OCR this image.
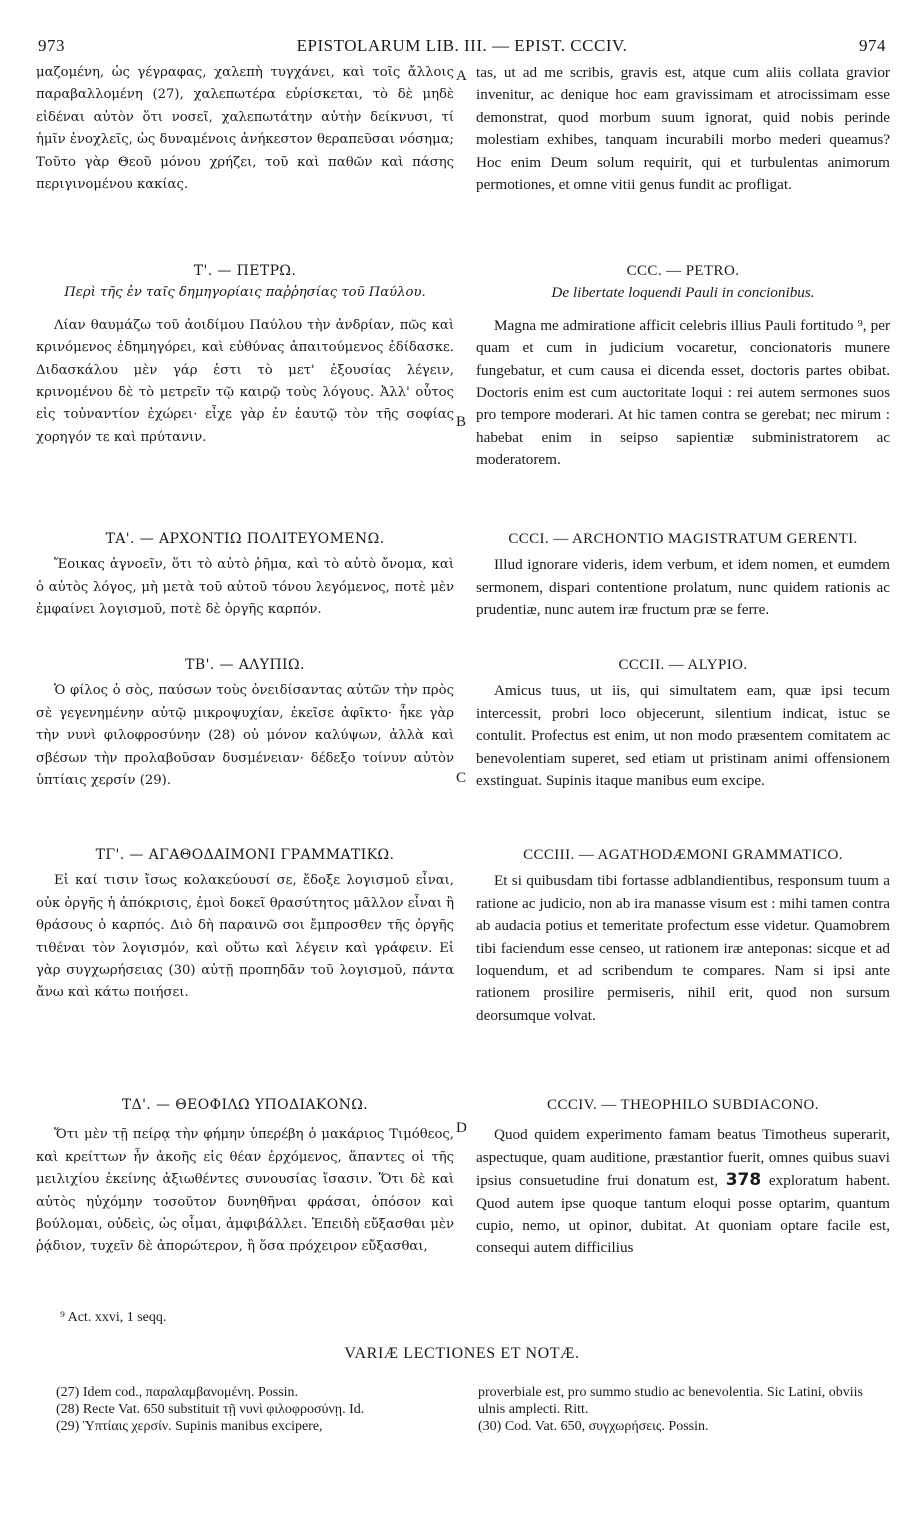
973	EPISTOLARUM LIB. III. — EPIST. CCCIV.	974

μαζομένη, ὡς γέγραφας, χαλεπὴ τυγχάνει, καὶ τοῖς ἄλλοις παραβαλλομένη (27), χαλεπωτέρα εὑρίσκεται, τὸ δὲ μηδὲ εἰδέναι αὐτὸν ὅτι νοσεῖ, χαλεπωτάτην αὐτὴν δείκνυσι, τί ἡμῖν ἐνοχλεῖς, ὡς δυναμένοις ἀνήκεστον θεραπεῦσαι νόσημα; Τοῦτο γὰρ Θεοῦ μόνου χρήζει, τοῦ καὶ παθῶν καὶ πάσης περιγινομένου κακίας.

Τ'. — ΠΕΤΡΩ.

Περὶ τῆς ἐν ταῖς δημηγορίαις παῤῥησίας τοῦ Παύλου.

Λίαν θαυμάζω τοῦ ἀοιδίμου Παύλου τὴν ἀνδρίαν, πῶς καὶ κρινόμενος ἐδημηγόρει, καὶ εὐθύνας ἀπαιτούμενος ἐδίδασκε. Διδασκάλου μὲν γάρ ἐστι τὸ μετ' ἐξουσίας λέγειν, κρινομένου δὲ τὸ μετρεῖν τῷ καιρῷ τοὺς λόγους. Ἀλλ' οὗτος εἰς τοὐναντίον ἐχώρει· εἶχε γὰρ ἐν ἑαυτῷ τὸν τῆς σοφίας χορηγόν τε καὶ πρύτανιν.

ΤΑ'. — ΑΡΧΟΝΤΙΩ ΠΟΛΙΤΕΥΟΜΕΝΩ.

Ἔοικας ἀγνοεῖν, ὅτι τὸ αὐτὸ ῥῆμα, καὶ τὸ αὐτὸ ὄνομα, καὶ ὁ αὐτὸς λόγος, μὴ μετὰ τοῦ αὐτοῦ τόνου λεγόμενος, ποτὲ μὲν ἐμφαίνει λογισμοῦ, ποτὲ δὲ ὀργῆς καρπόν.

ΤΒ'. — ΑΛΥΠΙΩ.

Ὁ φίλος ὁ σὸς, παύσων τοὺς ὀνειδίσαντας αὐτῶν τὴν πρὸς σὲ γεγενημένην αὐτῷ μικροψυχίαν, ἐκεῖσε ἀφῖκτο· ἧκε γὰρ τὴν νυνὶ φιλοφροσύνην (28) οὐ μόνον καλύψων, ἀλλὰ καὶ σβέσων τὴν προλαβοῦσαν δυσμένειαν· δέδεξο τοίνυν αὐτὸν ὑπτίαις χερσίν (29).

ΤΓ'. — ΑΓΑΘΟΔΑΙΜΟΝΙ ΓΡΑΜΜΑΤΙΚΩ.

Εἰ καί τισιν ἴσως κολακεύουσί σε, ἔδοξε λογισμοῦ εἶναι, οὐκ ὀργῆς ἡ ἀπόκρισις, ἐμοὶ δοκεῖ θρασύτητος μᾶλλον εἶναι ἢ θράσους ὁ καρπός. Διὸ δὴ παραινῶ σοι ἔμπροσθεν τῆς ὀργῆς τιθέναι τὸν λογισμόν, καὶ οὕτω καὶ λέγειν καὶ γράφειν. Εἰ γὰρ συγχωρήσειας (30) αὐτῇ προπηδᾶν τοῦ λογισμοῦ, πάντα ἄνω καὶ κάτω ποιήσει.

ΤΔ'. — ΘΕΟΦΙΛΩ ΥΠΟΔΙΑΚΟΝΩ.

Ὅτι μὲν τῇ πείρᾳ τὴν φήμην ὑπερέβη ὁ μακάριος Τιμόθεος, καὶ κρείττων ἦν ἀκοῆς εἰς θέαν ἐρχόμενος, ἅπαντες οἱ τῆς μειλιχίου ἐκείνης ἀξιωθέντες συνουσίας ἴσασιν. Ὅτι δὲ καὶ αὐτὸς ηὐχόμην τοσοῦτον δυνηθῆναι φράσαι, ὁπόσον καὶ βούλομαι, οὐδεὶς, ὡς οἶμαι, ἀμφιβάλλει. Ἐπειδὴ εὔξασθαι μὲν ῥᾴδιον, τυχεῖν δὲ ἀπορώτερον, ἢ ὅσα πρόχειρον εὔξασθαι,

A
B
C
D

tas, ut ad me scribis, gravis est, atque cum aliis collata gravior invenitur, ac denique hoc eam gravissimam et atrocissimam esse demonstrat, quod morbum suum ignorat, quid nobis perinde molestiam exhibes, tanquam incurabili morbo mederi queamus? Hoc enim Deum solum requirit, qui et turbulentas animorum permotiones, et omne vitii genus fundit ac profligat.

CCC. — PETRO.

De libertate loquendi Pauli in concionibus.

Magna me admiratione afficit celebris illius Pauli fortitudo ⁹, per quam et cum in judicium vocaretur, concionatoris munere fungebatur, et cum causa ei dicenda esset, doctoris partes obibat. Doctoris enim est cum auctoritate loqui : rei autem sermones suos pro tempore moderari. At hic tamen contra se gerebat; nec mirum : habebat enim in seipso sapientiæ subministratorem ac moderatorem.

CCCI. — ARCHONTIO MAGISTRATUM GERENTI.

Illud ignorare videris, idem verbum, et idem nomen, et eumdem sermonem, dispari contentione prolatum, nunc quidem rationis ac prudentiæ, nunc autem iræ fructum præ se ferre.

CCCII. — ALYPIO.

Amicus tuus, ut iis, qui simultatem eam, quæ ipsi tecum intercessit, probri loco objecerunt, silentium indicat, istuc se contulit. Profectus est enim, ut non modo præsentem comitatem ac benevolentiam superet, sed etiam ut pristinam animi offensionem exstinguat. Supinis itaque manibus eum excipe.

CCCIII. — AGATHODÆMONI GRAMMATICO.

Et si quibusdam tibi fortasse adblandientibus, responsum tuum a ratione ac judicio, non ab ira manasse visum est : mihi tamen contra ab audacia potius et temeritate profectum esse videtur. Quamobrem tibi faciendum esse censeo, ut rationem iræ anteponas: sicque et ad loquendum, et ad scribendum te compares. Nam si ipsi ante rationem prosilire permiseris, nihil erit, quod non sursum deorsumque volvat.

CCCIV. — THEOPHILO SUBDIACONO.

Quod quidem experimento famam beatus Timotheus superarit, aspectuque, quam auditione, præstantior fuerit, omnes quibus suavi ipsius consuetudine frui donatum est, 378 exploratum habent. Quod autem ipse quoque tantum eloqui posse optarim, quantum cupio, nemo, ut opinor, dubitat. At quoniam optare facile est, consequi autem difficilius

⁹ Act. xxvi, 1 seqq.
VARIÆ LECTIONES ET NOTÆ.

(27) Idem cod., παραλαμβανομένη. Possin.

(28) Recte Vat. 650 substituit τῇ νυνὶ φιλοφροσύνῃ. Id.

(29) Ὑπτίαις χερσίν. Supinis manibus excipere,

proverbiale est, pro summo studio ac benevolentia. Sic Latini, obviis ulnis amplecti. Ritt.

(30) Cod. Vat. 650, συγχωρήσεις. Possin.
